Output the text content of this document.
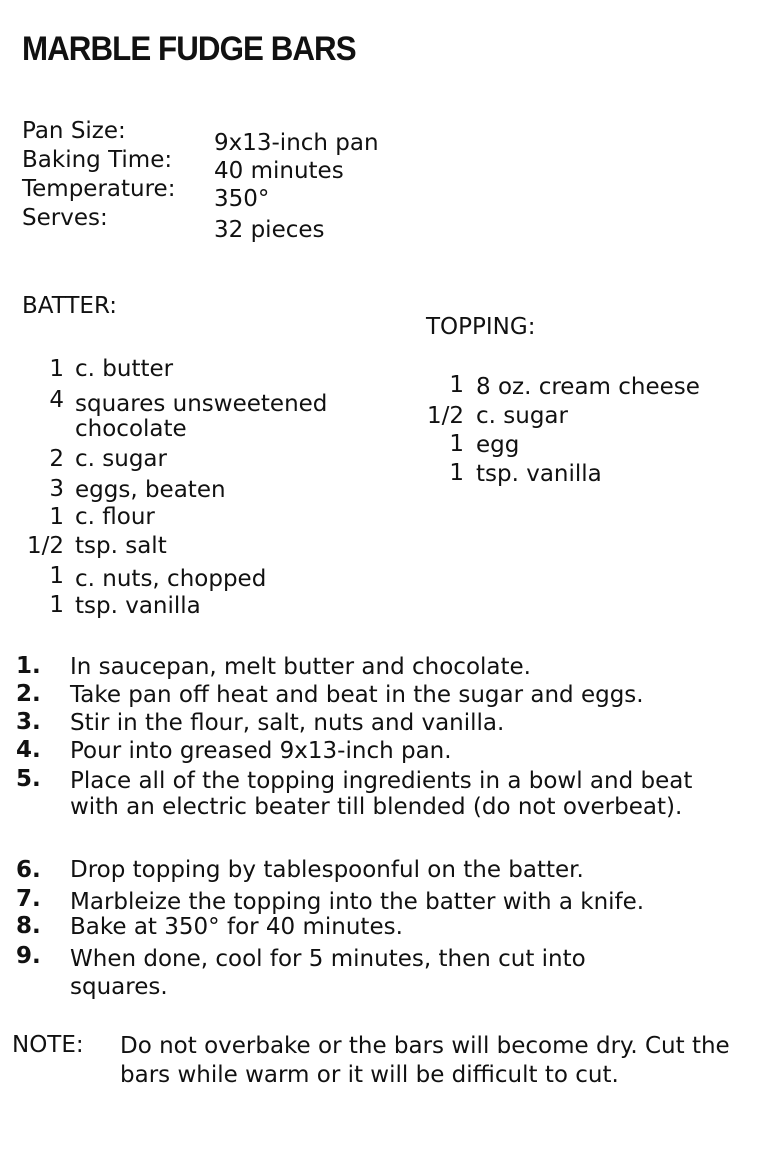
MARBLE FUDGE BARS
Pan Size:	9x13-inch pan
Baking Time: 40 minutes
Temperature: 350°
Serves:	32 pieces
BATTER:
1 c. butter
4 squares unsweetened
chocolate
2 c. sugar
3 eggs, beaten
1 c. flour
1/2 tsp. salt
1 c. nuts, chopped
1 tsp. vanilla
TOPPING:
1 8 oz. cream cheese
1/2 c. sugar
1 egg
1 tsp. vanilla
1.	In saucepan, melt butter and chocolate.
2.	Take pan off heat and beat in the sugar and eggs.
3.	Stir in the flour, salt, nuts and vanilla.
4.	Pour into greased 9x13-inch pan.
5.	Place all of the topping ingredients in a bowl and beat with an electric beater till blended (do not overbeat).
6.	Drop topping by tablespoonful on the batter.
7.	Marbleize the topping into the batter with a knife.
8.	Bake at 350° for 40 minutes.
9.	When done, cool for 5 minutes, then cut into squares.
NOTE: Do not overbake or the bars will become dry. Cut the bars while warm or it will be difficult to cut.
